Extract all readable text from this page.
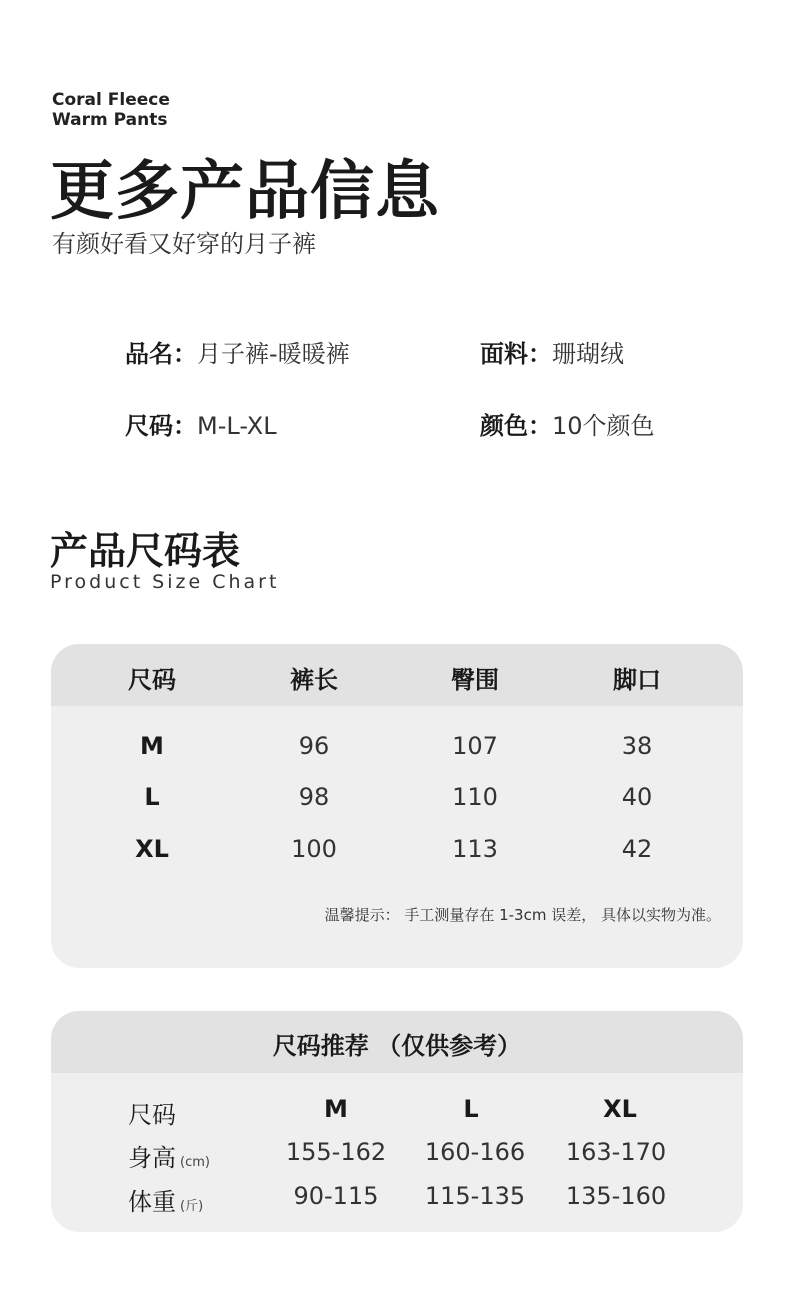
Coral Fleece
Warm Pants
更多产品信息
有颜好看又好穿的月子裤
品名：月子裤-暖暖裤	面料：珊瑚绒
尺码：M-L-XL	颜色：10个颜色
产品尺码表
Product Size Chart
尺码	裤长	臀围	脚口
M	96	107	38
L	98	110	40
XL	100	113	42
温馨提示： 手工测量存在 1-3cm 误差， 具体以实物为准。
尺码推荐 （仅供参考）
尺码	M	L	XL
身高 (cm)	155-162	160-166	163-170
体重 (斤)	90-115	115-135	135-160
